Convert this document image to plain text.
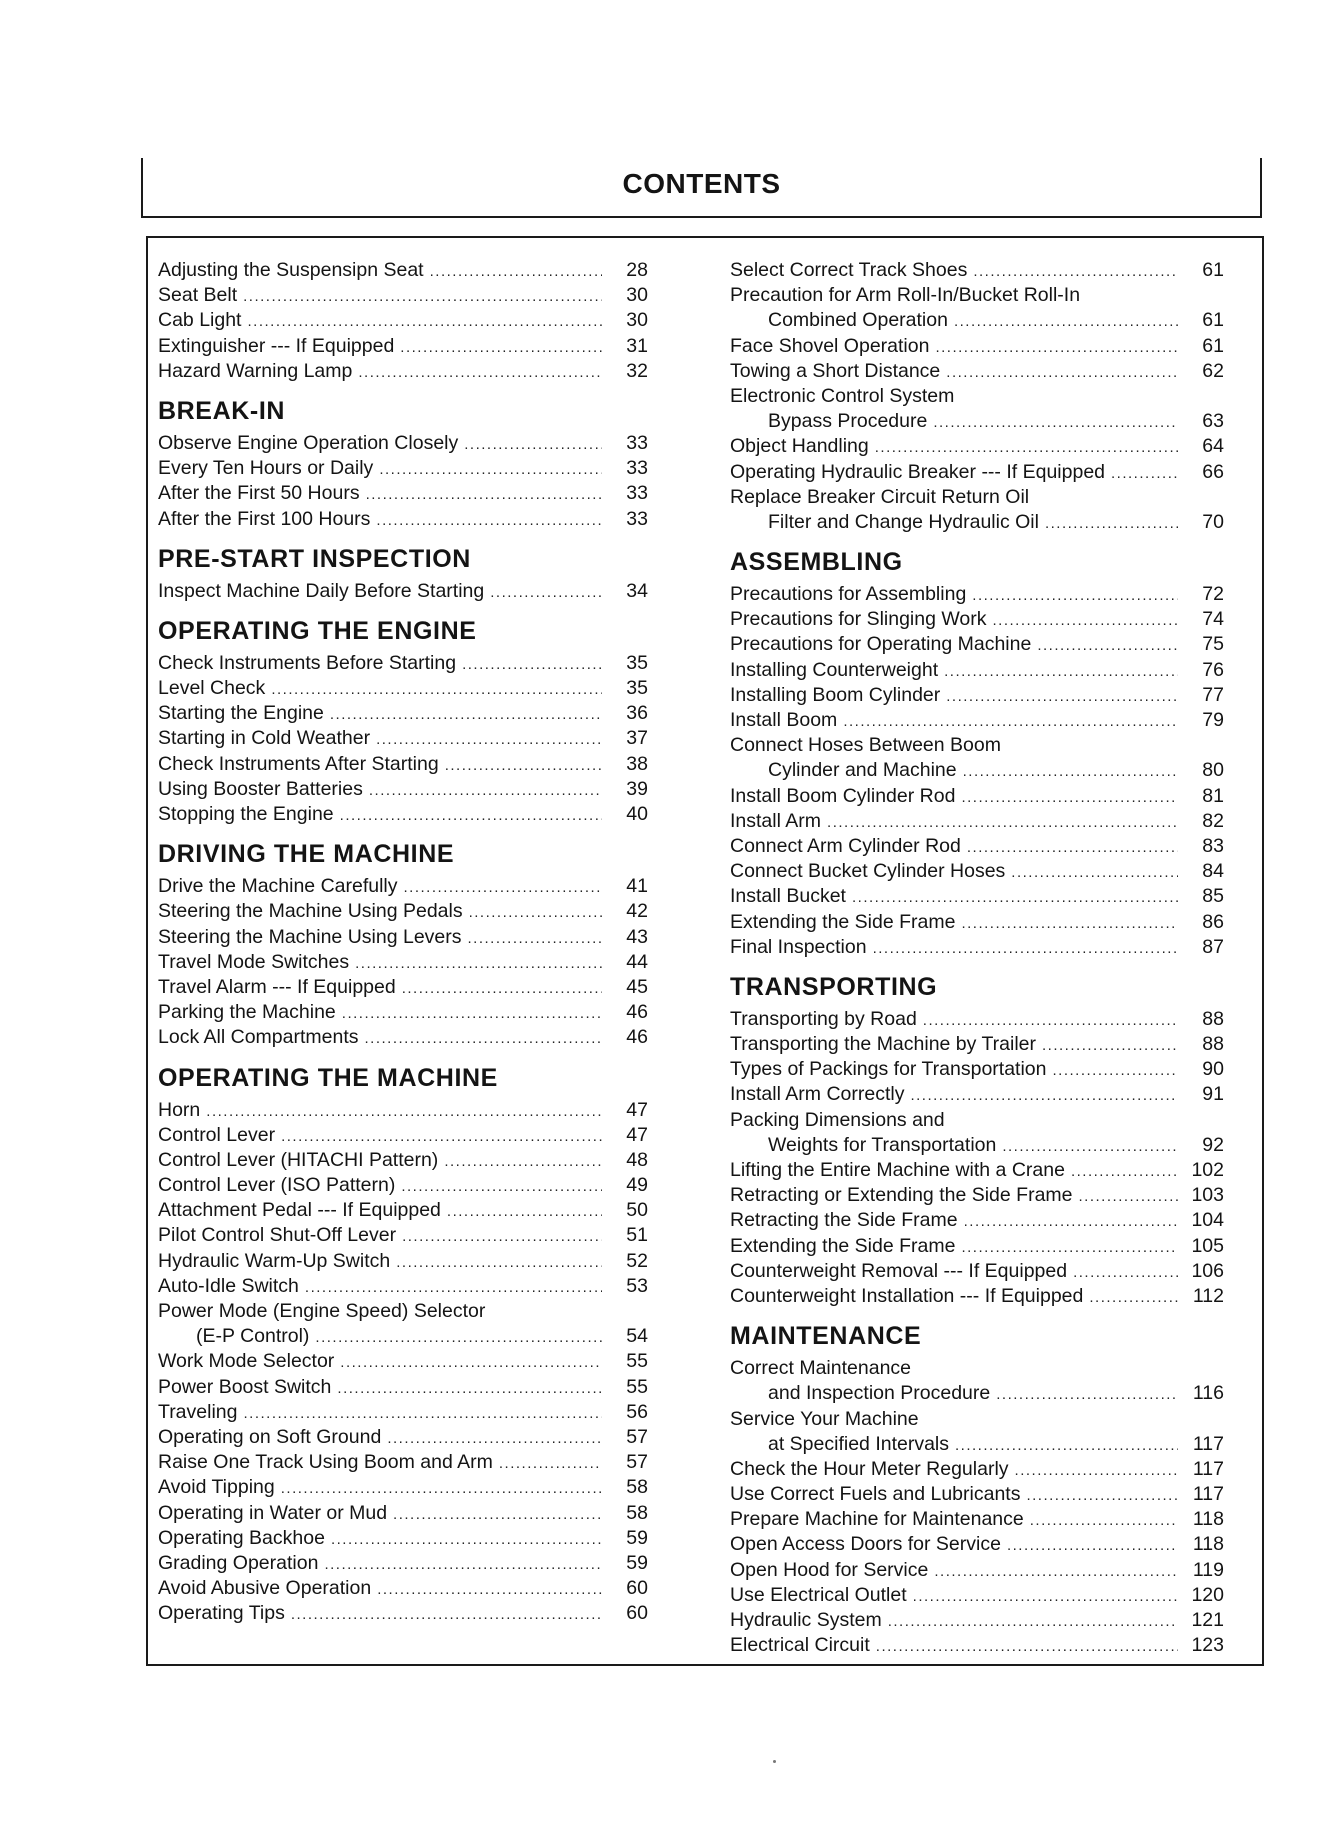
CONTENTS
Adjusting the Suspensipn Seat .....	28
Seat Belt .....	30
Cab Light .....	30
Extinguisher --- If Equipped .....	31
Hazard Warning Lamp .....	32
BREAK-IN
Observe Engine Operation Closely .....	33
Every Ten Hours or Daily .....	33
After the First 50 Hours .....	33
After the First 100 Hours .....	33
PRE-START INSPECTION
Inspect Machine Daily Before Starting .....	34
OPERATING THE ENGINE
Check Instruments Before Starting .....	35
Level Check .....	35
Starting the Engine .....	36
Starting in Cold Weather .....	37
Check Instruments After Starting .....	38
Using Booster Batteries .....	39
Stopping the Engine .....	40
DRIVING THE MACHINE
Drive the Machine Carefully .....	41
Steering the Machine Using Pedals .....	42
Steering the Machine Using Levers .....	43
Travel Mode Switches .....	44
Travel Alarm --- If Equipped .....	45
Parking the Machine .....	46
Lock All Compartments .....	46
OPERATING THE MACHINE
Horn .....	47
Control Lever .....	47
Control Lever (HITACHI Pattern) .....	48
Control Lever (ISO Pattern) .....	49
Attachment Pedal --- If Equipped .....	50
Pilot Control Shut-Off Lever .....	51
Hydraulic Warm-Up Switch .....	52
Auto-Idle Switch .....	53
Power Mode (Engine Speed) Selector
(E-P Control) .....	54
Work Mode Selector .....	55
Power Boost Switch .....	55
Traveling .....	56
Operating on Soft Ground .....	57
Raise One Track Using Boom and Arm .....	57
Avoid Tipping .....	58
Operating in Water or Mud .....	58
Operating Backhoe .....	59
Grading Operation .....	59
Avoid Abusive Operation .....	60
Operating Tips .....	60
Select Correct Track Shoes .....	61
Precaution for Arm Roll-In/Bucket Roll-In
Combined Operation .....	61
Face Shovel Operation .....	61
Towing a Short Distance .....	62
Electronic Control System
Bypass Procedure .....	63
Object Handling .....	64
Operating Hydraulic Breaker --- If Equipped .....	66
Replace Breaker Circuit Return Oil
Filter and Change Hydraulic Oil .....	70
ASSEMBLING
Precautions for Assembling .....	72
Precautions for Slinging Work .....	74
Precautions for Operating Machine .....	75
Installing Counterweight .....	76
Installing Boom Cylinder .....	77
Install Boom .....	79
Connect Hoses Between Boom
Cylinder and Machine .....	80
Install Boom Cylinder Rod .....	81
Install Arm .....	82
Connect Arm Cylinder Rod .....	83
Connect Bucket Cylinder Hoses .....	84
Install Bucket .....	85
Extending the Side Frame .....	86
Final Inspection .....	87
TRANSPORTING
Transporting by Road .....	88
Transporting the Machine by Trailer .....	88
Types of Packings for Transportation .....	90
Install Arm Correctly .....	91
Packing Dimensions and
Weights for Transportation .....	92
Lifting the Entire Machine with a Crane .....	102
Retracting or Extending the Side Frame .....	103
Retracting the Side Frame .....	104
Extending the Side Frame .....	105
Counterweight Removal --- If Equipped .....	106
Counterweight Installation --- If Equipped .....	112
MAINTENANCE
Correct Maintenance
and Inspection Procedure .....	116
Service Your Machine
at Specified Intervals .....	117
Check the Hour Meter Regularly .....	117
Use Correct Fuels and Lubricants .....	117
Prepare Machine for Maintenance .....	118
Open Access Doors for Service .....	118
Open Hood for Service .....	119
Use Electrical Outlet .....	120
Hydraulic System .....	121
Electrical Circuit .....	123
